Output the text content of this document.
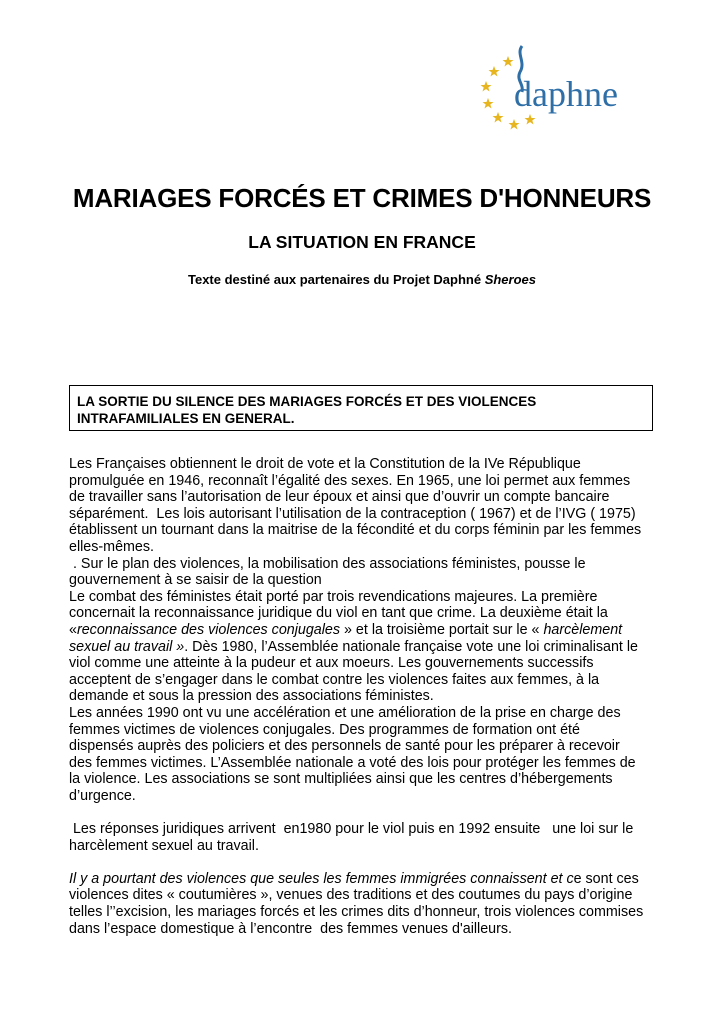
daphne
MARIAGES FORCÉS ET CRIMES D'HONNEURS
LA SITUATION EN FRANCE
Texte destiné aux partenaires du Projet Daphné Sheroes
LA SORTIE DU SILENCE DES MARIAGES FORCÉS ET DES VIOLENCES
INTRAFAMILIALES EN GENERAL.
Les Françaises obtiennent le droit de vote et la Constitution de la IVe République
promulguée en 1946, reconnaît l’égalité des sexes. En 1965, une loi permet aux femmes
de travailler sans l’autorisation de leur époux et ainsi que d’ouvrir un compte bancaire
séparément.  Les lois autorisant l’utilisation de la contraception ( 1967) et de l’IVG ( 1975)
établissent un tournant dans la maitrise de la fécondité et du corps féminin par les femmes
elles-mêmes.
. Sur le plan des violences, la mobilisation des associations féministes, pousse le
gouvernement à se saisir de la question
Le combat des féministes était porté par trois revendications majeures. La première
concernait la reconnaissance juridique du viol en tant que crime. La deuxième était la
«reconnaissance des violences conjugales » et la troisième portait sur le « harcèlement
sexuel au travail ». Dès 1980, l’Assemblée nationale française vote une loi criminalisant le
viol comme une atteinte à la pudeur et aux moeurs. Les gouvernements successifs
acceptent de s’engager dans le combat contre les violences faites aux femmes, à la
demande et sous la pression des associations féministes.
Les années 1990 ont vu une accélération et une amélioration de la prise en charge des
femmes victimes de violences conjugales. Des programmes de formation ont été
dispensés auprès des policiers et des personnels de santé pour les préparer à recevoir
des femmes victimes. L’Assemblée nationale a voté des lois pour protéger les femmes de
la violence. Les associations se sont multipliées ainsi que les centres d’hébergements
d’urgence.
Les réponses juridiques arrivent  en1980 pour le viol puis en 1992 ensuite   une loi sur le
harcèlement sexuel au travail.
Il y a pourtant des violences que seules les femmes immigrées connaissent et ce sont ces
violences dites « coutumières », venues des traditions et des coutumes du pays d’origine
telles l’’excision, les mariages forcés et les crimes dits d’honneur, trois violences commises
dans l’espace domestique à l’encontre  des femmes venues d'ailleurs.
